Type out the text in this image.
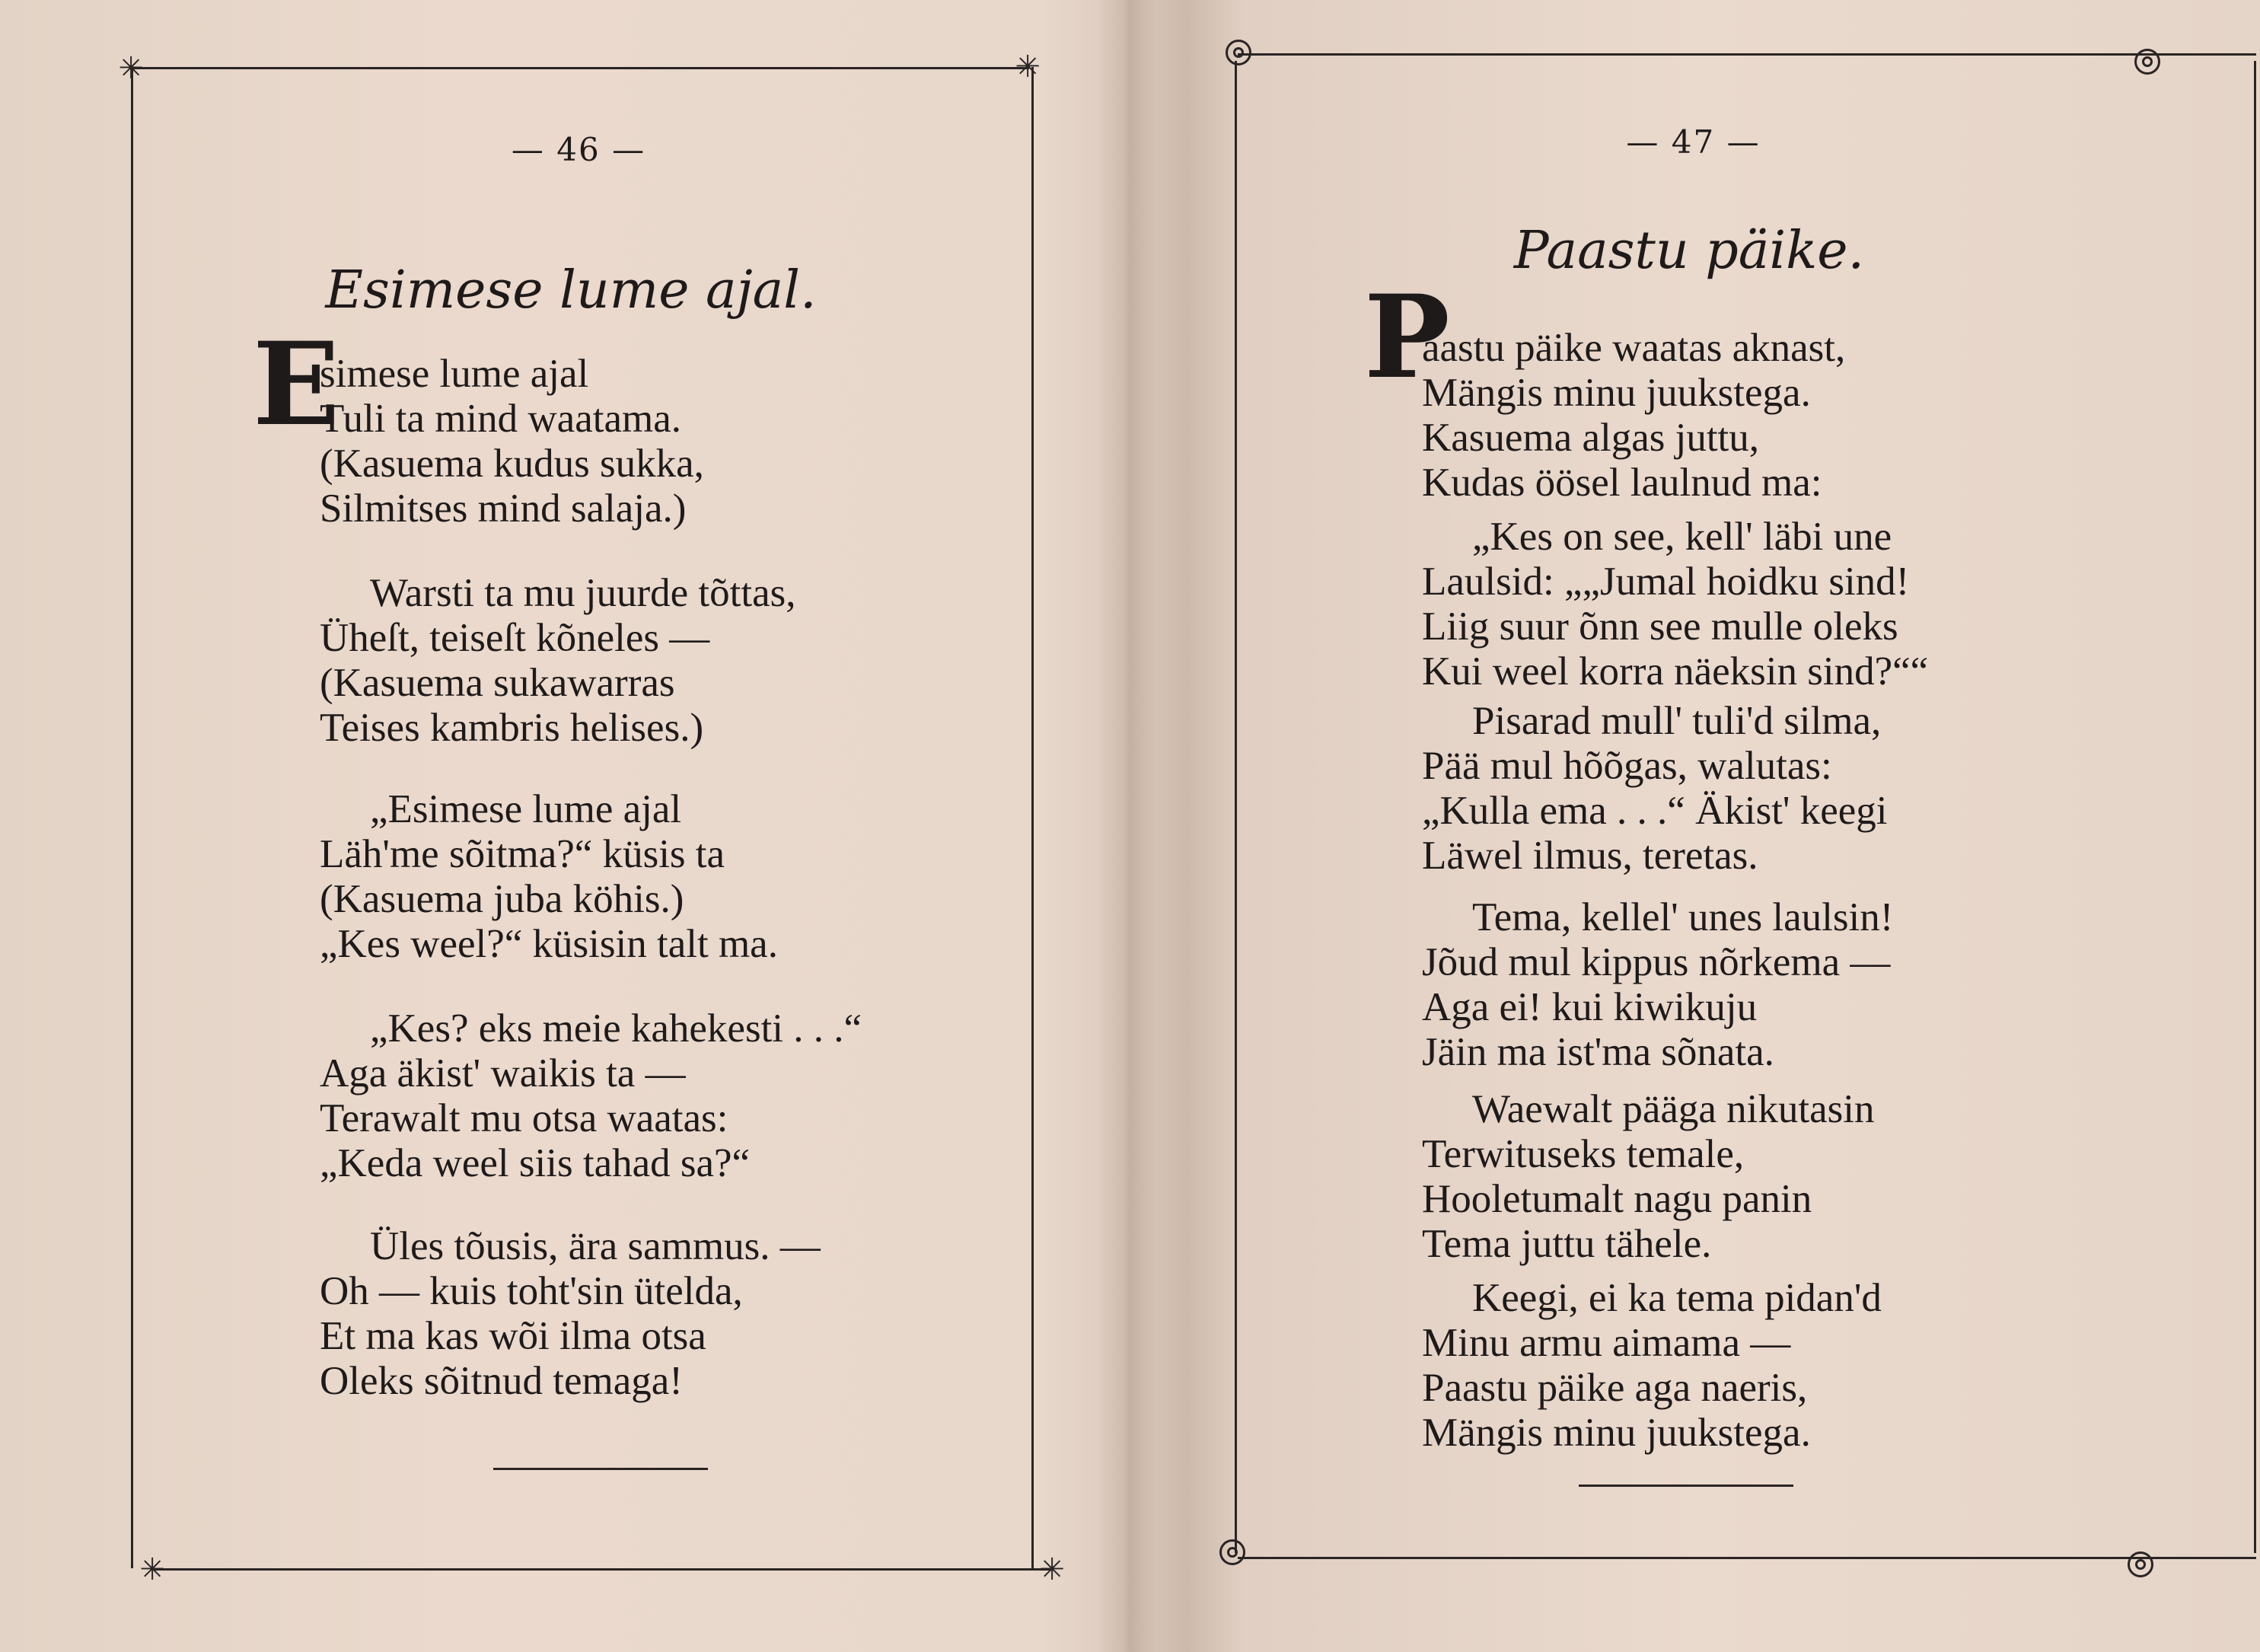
✳	✳
✳	✳
— 46 —
Esimese lume ajal.
E
simese lume ajal
Tuli ta mind waatama.
(Kasuema kudus sukka,
Silmitses mind salaja.)
Warsti ta mu juurde tõttas,
Üheſt, teiseſt kõneles —
(Kasuema sukawarras
Teises kambris helises.)
„Esimese lume ajal
Läh'me sõitma?“ küsis ta
(Kasuema juba köhis.)
„Kes weel?“ küsisin talt ma.
„Kes? eks meie kahekesti . . .“
Aga äkist' waikis ta —
Terawalt mu otsa waatas:
„Keda weel siis tahad sa?“
Üles tõusis, ära sammus. —
Oh — kuis toht'sin ütelda,
Et ma kas wõi ilma otsa
Oleks sõitnud temaga!
— 47 —
Paastu päike.
P
aastu päike waatas aknast,
Mängis minu juukstega.
Kasuema algas juttu,
Kudas öösel laulnud ma:
„Kes on see, kell' läbi une
Laulsid: „„Jumal hoidku sind!
Liig suur õnn see mulle oleks
Kui weel korra näeksin sind?““
Pisarad mull' tuli'd silma,
Pää mul hõõgas, walutas:
„Kulla ema . . .“ Äkist' keegi
Läwel ilmus, teretas.
Tema, kellel' unes laulsin!
Jõud mul kippus nõrkema —
Aga ei! kui kiwikuju
Jäin ma ist'ma sõnata.
Waewalt pääga nikutasin
Terwituseks temale,
Hooletumalt nagu panin
Tema juttu tähele.
Keegi, ei ka tema pidan'd
Minu armu aimama —
Paastu päike aga naeris,
Mängis minu juukstega.
